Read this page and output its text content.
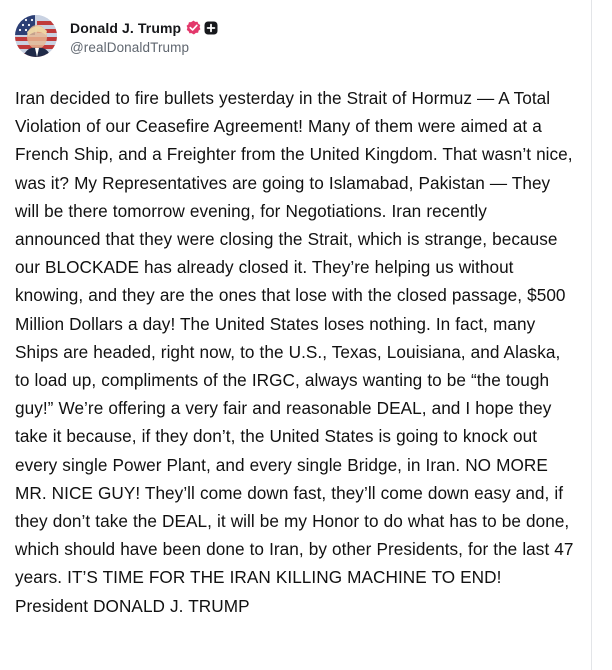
Donald J. Trump
@realDonaldTrump

Iran decided to fire bullets yesterday in the Strait of Hormuz — A Total Violation of our Ceasefire Agreement! Many of them were aimed at a French Ship, and a Freighter from the United Kingdom. That wasn’t nice, was it? My Representatives are going to Islamabad, Pakistan — They will be there tomorrow evening, for Negotiations. Iran recently announced that they were closing the Strait, which is strange, because our BLOCKADE has already closed it. They’re helping us without knowing, and they are the ones that lose with the closed passage, $500 Million Dollars a day! The United States loses nothing. In fact, many Ships are headed, right now, to the U.S., Texas, Louisiana, and Alaska, to load up, compliments of the IRGC, always wanting to be “the tough guy!” We’re offering a very fair and reasonable DEAL, and I hope they take it because, if they don’t, the United States is going to knock out every single Power Plant, and every single Bridge, in Iran. NO MORE MR. NICE GUY! They’ll come down fast, they’ll come down easy and, if they don’t take the DEAL, it will be my Honor to do what has to be done, which should have been done to Iran, by other Presidents, for the last 47 years. IT’S TIME FOR THE IRAN KILLING MACHINE TO END! President DONALD J. TRUMP
